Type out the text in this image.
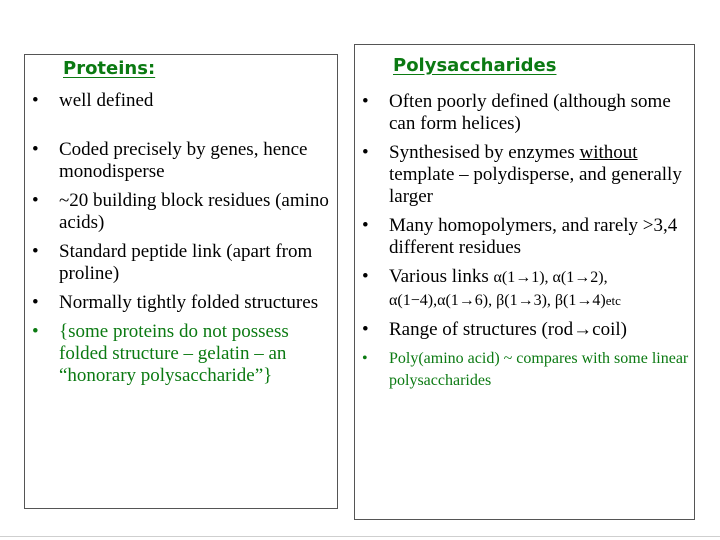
Proteins:
• well defined
• Coded precisely by genes, hence monodisperse
• ~20 building block residues (amino acids)
• Standard peptide link (apart from proline)
• Normally tightly folded structures
• {some proteins do not possess folded structure – gelatin – an “honorary polysaccharide”}
Polysaccharides
• Often poorly defined (although some can form helices)
• Synthesised by enzymes without template – polydisperse, and generally larger
• Many homopolymers, and rarely >3,4 different residues
• Various links α(1→1), α(1→2), α(1−4),α(1→6), β(1→3), β(1→4)etc
• Range of structures (rod→coil)
• Poly(amino acid) ~ compares with some linear polysaccharides
